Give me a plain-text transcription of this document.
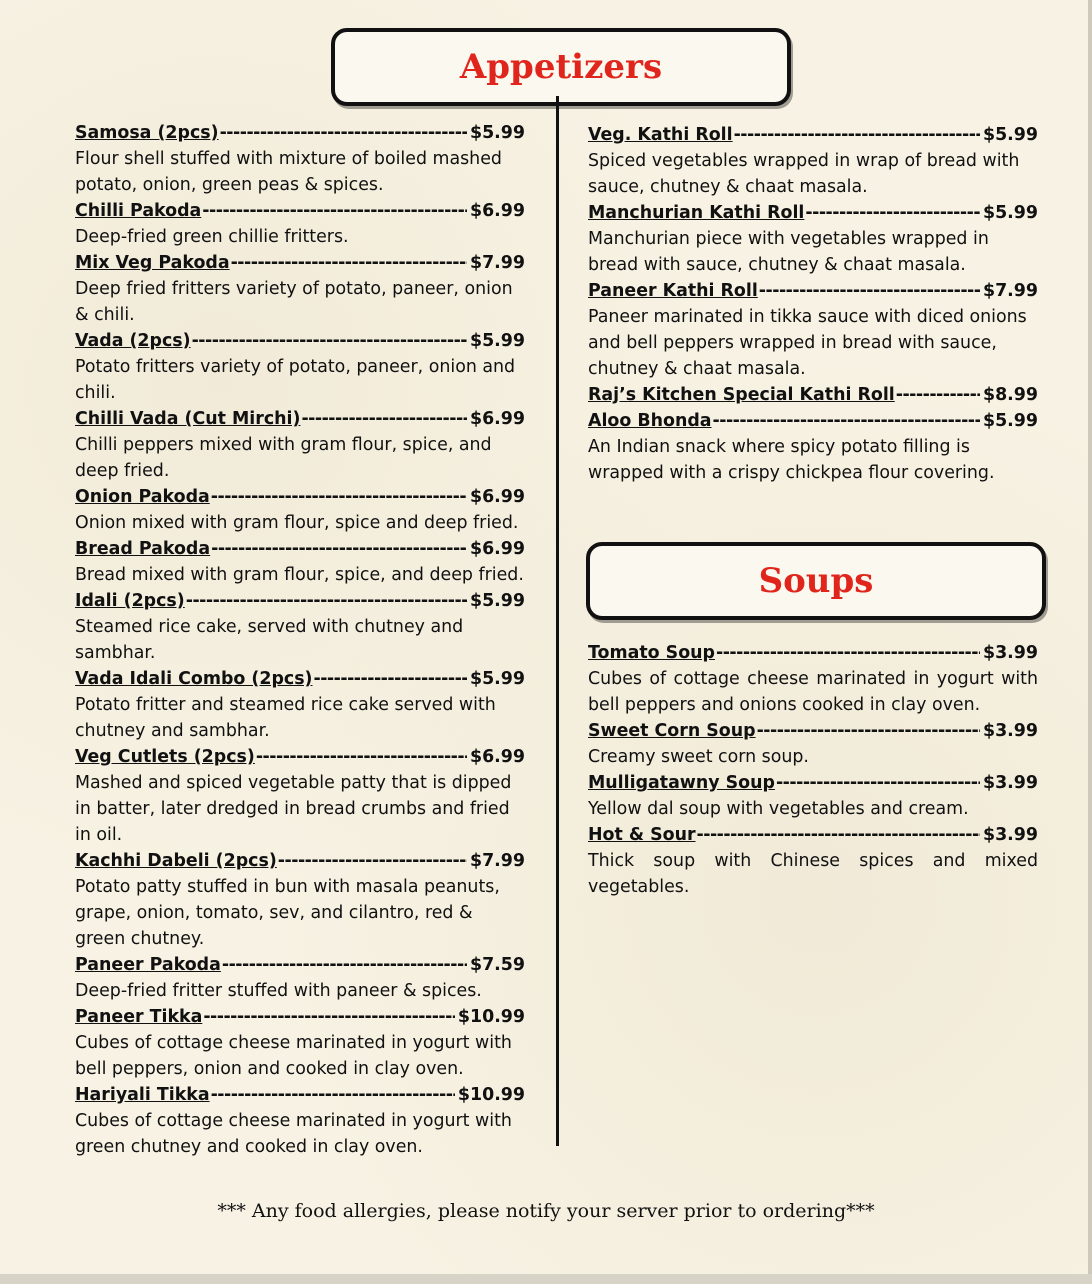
Appetizers
Samosa (2pcs) -----	$5.99
Flour shell stuffed with mixture of boiled mashed potato, onion, green peas & spices.
Chilli Pakoda -----	$6.99
Deep-fried green chillie fritters.
Mix Veg Pakoda -----	$7.99
Deep fried fritters variety of potato, paneer, onion & chili.
Vada (2pcs) -----	$5.99
Potato fritters variety of potato, paneer, onion and chili.
Chilli Vada (Cut Mirchi) -----	$6.99
Chilli peppers mixed with gram flour, spice, and deep fried.
Onion Pakoda -----	$6.99
Onion mixed with gram flour, spice and deep fried.
Bread Pakoda -----	$6.99
Bread mixed with gram flour, spice, and deep fried.
Idali (2pcs) -----	$5.99
Steamed rice cake, served with chutney and sambhar.
Vada Idali Combo (2pcs) -----	$5.99
Potato fritter and steamed rice cake served with chutney and sambhar.
Veg Cutlets (2pcs) -----	$6.99
Mashed and spiced vegetable patty that is dipped in batter, later dredged in bread crumbs and fried in oil.
Kachhi Dabeli (2pcs) -----	$7.99
Potato patty stuffed in bun with masala peanuts, grape, onion, tomato, sev, and cilantro, red & green chutney.
Paneer Pakoda -----	$7.59
Deep-fried fritter stuffed with paneer & spices.
Paneer Tikka -----	$10.99
Cubes of cottage cheese marinated in yogurt with bell peppers, onion and cooked in clay oven.
Hariyali Tikka -----	$10.99
Cubes of cottage cheese marinated in yogurt with green chutney and cooked in clay oven.
Veg. Kathi Roll -----	$5.99
Spiced vegetables wrapped in wrap of bread with sauce, chutney & chaat masala.
Manchurian Kathi Roll -----	$5.99
Manchurian piece with vegetables wrapped in bread with sauce, chutney & chaat masala.
Paneer Kathi Roll -----	$7.99
Paneer marinated in tikka sauce with diced onions and bell peppers wrapped in bread with sauce, chutney & chaat masala.
Raj’s Kitchen Special Kathi Roll -----	$8.99
Aloo Bhonda -----	$5.99
An Indian snack where spicy potato filling is wrapped with a crispy chickpea flour covering.
Soups
Tomato Soup -----	$3.99
Cubes of cottage cheese marinated in yogurt with bell peppers and onions cooked in clay oven.
Sweet Corn Soup -----	$3.99
Creamy sweet corn soup.
Mulligatawny Soup -----	$3.99
Yellow dal soup with vegetables and cream.
Hot & Sour -----	$3.99
Thick soup with Chinese spices and mixed vegetables.
*** Any food allergies, please notify your server prior to ordering***
